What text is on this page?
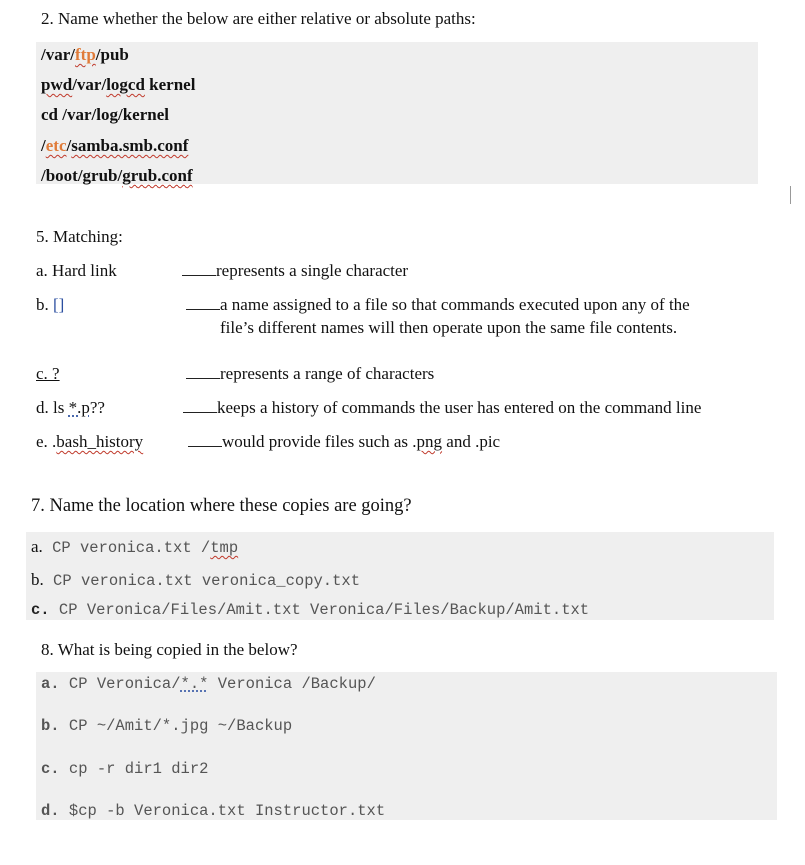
2. Name whether the below are either relative or absolute paths:
/var/ftp/pub
pwd/var/logcd kernel
cd /var/log/kernel
/etc/samba.smb.conf
/boot/grub/grub.conf
5. Matching:
a. Hard link
b. []
c. ?
d. ls *.p??
e. .bash_history
represents a single character
a name assigned to a file so that commands executed upon any of the
file’s different names will then operate upon the same file contents.
represents a range of characters
keeps a history of commands the user has entered on the command line
would provide files such as .png and .pic
7. Name the location where these copies are going?
a. CP veronica.txt /tmp
b. CP veronica.txt veronica_copy.txt
c. CP Veronica/Files/Amit.txt Veronica/Files/Backup/Amit.txt
8. What is being copied in the below?
a. CP Veronica/*.* Veronica /Backup/
b. CP ~/Amit/*.jpg ~/Backup
c. cp -r dir1 dir2
d. $cp -b Veronica.txt Instructor.txt
